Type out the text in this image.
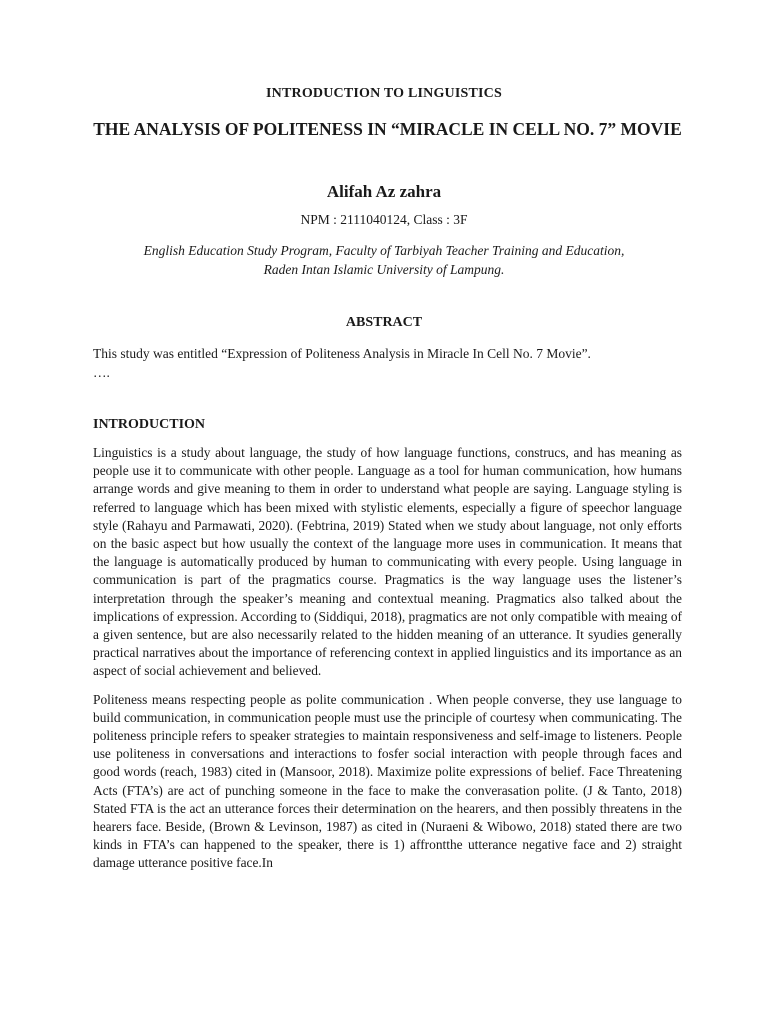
INTRODUCTION TO LINGUISTICS
THE ANALYSIS OF POLITENESS IN “MIRACLE IN CELL NO. 7” MOVIE
Alifah Az zahra
NPM : 2111040124, Class : 3F
English Education Study Program, Faculty of Tarbiyah Teacher Training and Education,
Raden Intan Islamic University of Lampung.
ABSTRACT
This study was entitled “Expression of Politeness Analysis in Miracle In Cell No. 7 Movie”.
….
INTRODUCTION

Linguistics is a study about language, the study of how language functions, construcs, and has meaning as people use it to communicate with other people. Language as a tool for human communication, how humans arrange words and give meaning to them in order to understand what people are saying. Language styling is referred to language which has been mixed with stylistic elements, especially a figure of speechor language style (Rahayu and Parmawati, 2020). (Febtrina, 2019) Stated when we study about language, not only efforts on the basic aspect but how usually the context of the language more uses in communication. It means that the language is automatically produced by human to communicating with every people. Using language in communication is part of the pragmatics course. Pragmatics is the way language uses the listener’s interpretation through the speaker’s meaning and contextual meaning. Pragmatics also talked about the implications of expression. According to (Siddiqui, 2018), pragmatics are not only compatible with meaing of a given sentence, but are also necessarily related to the hidden meaning of an utterance. It syudies generally practical narratives about the importance of referencing context in applied linguistics and its importance as an aspect of social achievement and believed.

Politeness means respecting people as polite communication . When people converse, they use language to build communication, in communication people must use the principle of courtesy when communicating. The politeness principle refers to speaker strategies to maintain responsiveness and self-image to listeners. People use politeness in conversations and interactions to fosfer social interaction with people through faces and good words (reach, 1983) cited in (Mansoor, 2018). Maximize polite expressions of belief. Face Threatening Acts (FTA’s) are act of punching someone in the face to make the converasation polite. (J & Tanto, 2018) Stated FTA is the act an utterance forces their determination on the hearers, and then possibly threatens in the hearers face. Beside, (Brown & Levinson, 1987) as cited in (Nuraeni & Wibowo, 2018) stated there are two kinds in FTA’s can happened to the speaker, there is 1) affrontthe utterance negative face and 2) straight damage utterance positive face.In
